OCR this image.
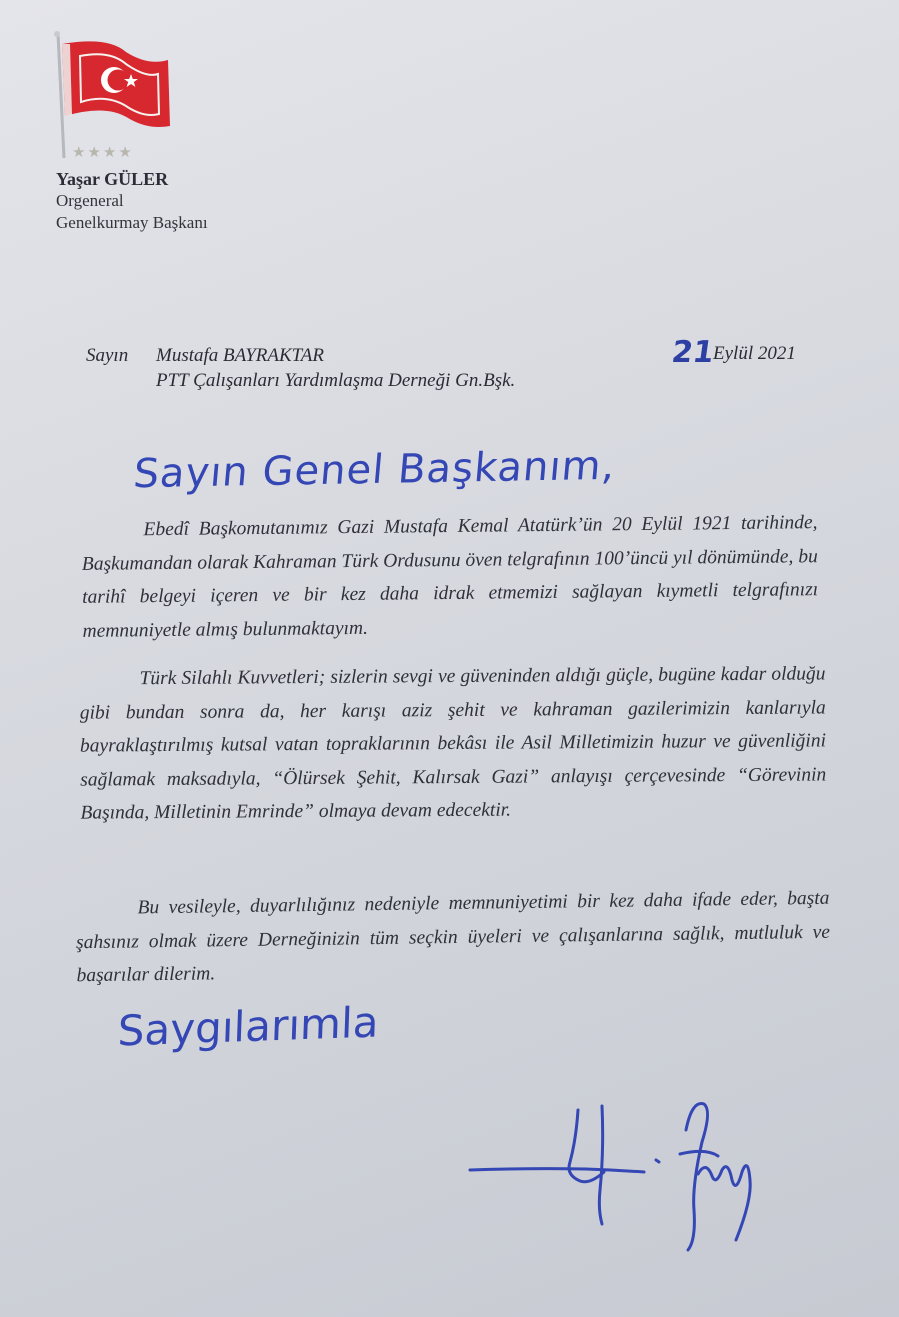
★★★★
Yaşar GÜLER
Orgeneral
Genelkurmay Başkanı
Sayın Mustafa BAYRAKTAR
PTT Çalışanları Yardımlaşma Derneği Gn.Bşk.
21
Eylül 2021
Sayın Genel Başkanım,
Ebedî Başkomutanımız Gazi Mustafa Kemal Atatürk’ün 20 Eylül 1921 tarihinde, Başkumandan olarak Kahraman Türk Ordusunu öven telgrafının 100’üncü yıl dönümünde, bu tarihî belgeyi içeren ve bir kez daha idrak etmemizi sağlayan kıymetli telgrafınızı memnuniyetle almış bulunmaktayım.
Türk Silahlı Kuvvetleri; sizlerin sevgi ve güveninden aldığı güçle, bugüne kadar olduğu gibi bundan sonra da, her karışı aziz şehit ve kahraman gazilerimizin kanlarıyla bayraklaştırılmış kutsal vatan topraklarının bekâsı ile Asil Milletimizin huzur ve güvenliğini sağlamak maksadıyla, “Ölürsek Şehit, Kalırsak Gazi” anlayışı çerçevesinde “Görevinin Başında, Milletinin Emrinde” olmaya devam edecektir.
Bu vesileyle, duyarlılığınız nedeniyle memnuniyetimi bir kez daha ifade eder, başta şahsınız olmak üzere Derneğinizin tüm seçkin üyeleri ve çalışanlarına sağlık, mutluluk ve başarılar dilerim.
Saygılarımla
